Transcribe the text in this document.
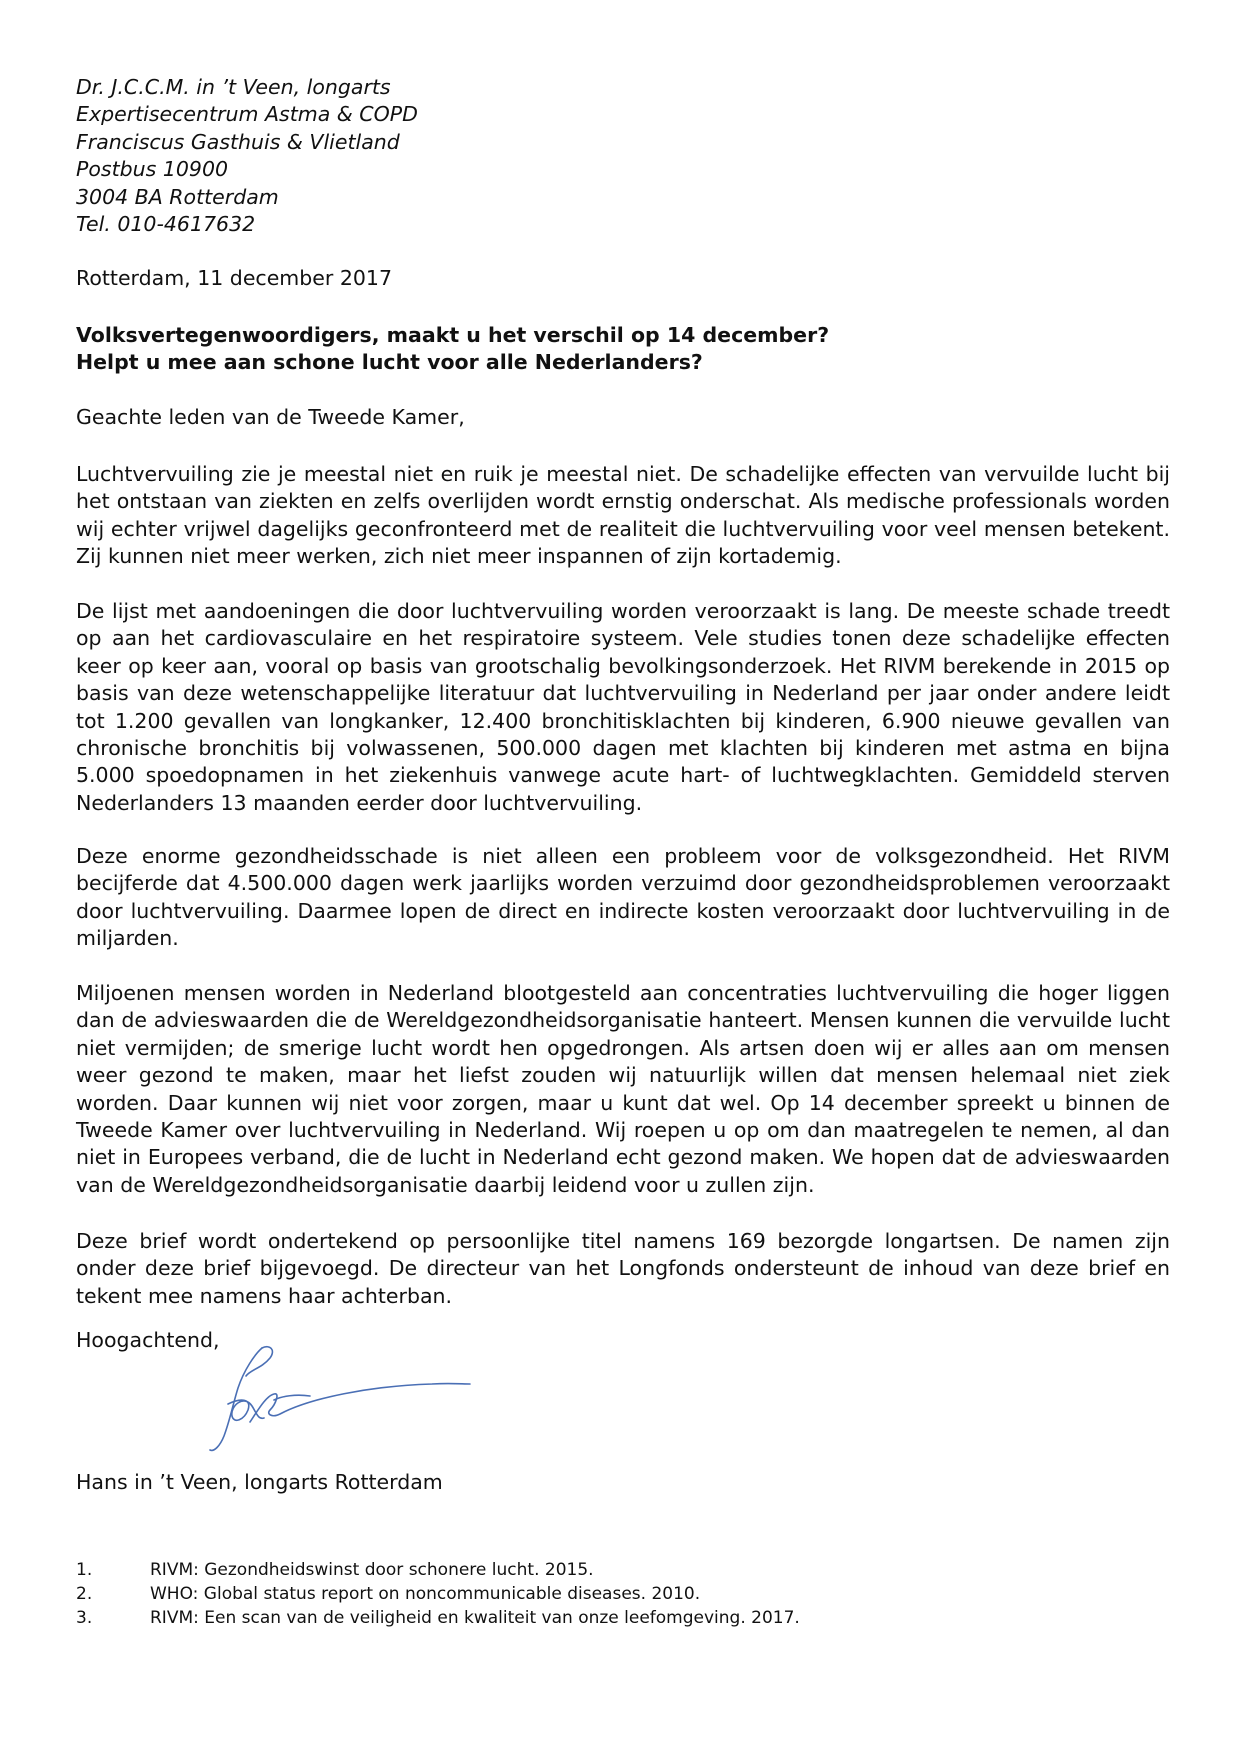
Dr. J.C.C.M. in ’t Veen, longarts
Expertisecentrum Astma & COPD
Franciscus Gasthuis & Vlietland
Postbus 10900
3004 BA Rotterdam
Tel. 010-4617632
Rotterdam, 11 december 2017
Volksvertegenwoordigers, maakt u het verschil op 14 december?
Helpt u mee aan schone lucht voor alle Nederlanders?
Geachte leden van de Tweede Kamer,

Luchtvervuiling zie je meestal niet en ruik je meestal niet. De schadelijke effecten van vervuilde lucht bij het ontstaan van ziekten en zelfs overlijden wordt ernstig onderschat. Als medische professionals worden wij echter vrijwel dagelijks geconfronteerd met de realiteit die luchtvervuiling voor veel mensen betekent. Zij kunnen niet meer werken, zich niet meer inspannen of zijn kortademig.

De lijst met aandoeningen die door luchtvervuiling worden veroorzaakt is lang. De meeste schade treedt op aan het cardiovasculaire en het respiratoire systeem. Vele studies tonen deze schadelijke effecten keer op keer aan, vooral op basis van grootschalig bevolkingsonderzoek. Het RIVM berekende in 2015 op basis van deze wetenschappelijke literatuur dat luchtvervuiling in Nederland per jaar onder andere leidt tot 1.200 gevallen van longkanker, 12.400 bronchitisklachten bij kinderen, 6.900 nieuwe gevallen van chronische bronchitis bij volwassenen, 500.000 dagen met klachten bij kinderen met astma en bijna 5.000 spoedopnamen in het ziekenhuis vanwege acute hart- of luchtwegklachten. Gemiddeld sterven Nederlanders 13 maanden eerder door luchtvervuiling.

Deze enorme gezondheidsschade is niet alleen een probleem voor de volksgezondheid. Het RIVM becijferde dat 4.500.000 dagen werk jaarlijks worden verzuimd door gezondheidsproblemen veroorzaakt door luchtvervuiling. Daarmee lopen de direct en indirecte kosten veroorzaakt door luchtvervuiling in de miljarden.

Miljoenen mensen worden in Nederland blootgesteld aan concentraties luchtvervuiling die hoger liggen dan de advieswaarden die de Wereldgezondheidsorganisatie hanteert. Mensen kunnen die vervuilde lucht niet vermijden; de smerige lucht wordt hen opgedrongen. Als artsen doen wij er alles aan om mensen weer gezond te maken, maar het liefst zouden wij natuurlijk willen dat mensen helemaal niet ziek worden. Daar kunnen wij niet voor zorgen, maar u kunt dat wel. Op 14 december spreekt u binnen de Tweede Kamer over luchtvervuiling in Nederland. Wij roepen u op om dan maatregelen te nemen, al dan niet in Europees verband, die de lucht in Nederland echt gezond maken. We hopen dat de advieswaarden van de Wereldgezondheidsorganisatie daarbij leidend voor u zullen zijn.

Deze brief wordt ondertekend op persoonlijke titel namens 169 bezorgde longartsen. De namen zijn onder deze brief bijgevoegd. De directeur van het Longfonds ondersteunt de inhoud van deze brief en tekent mee namens haar achterban.

Hoogachtend,
Hans in ’t Veen, longarts Rotterdam
1.	RIVM: Gezondheidswinst door schonere lucht. 2015.
2.	WHO: Global status report on noncommunicable diseases. 2010.
3.	RIVM: Een scan van de veiligheid en kwaliteit van onze leefomgeving. 2017.
